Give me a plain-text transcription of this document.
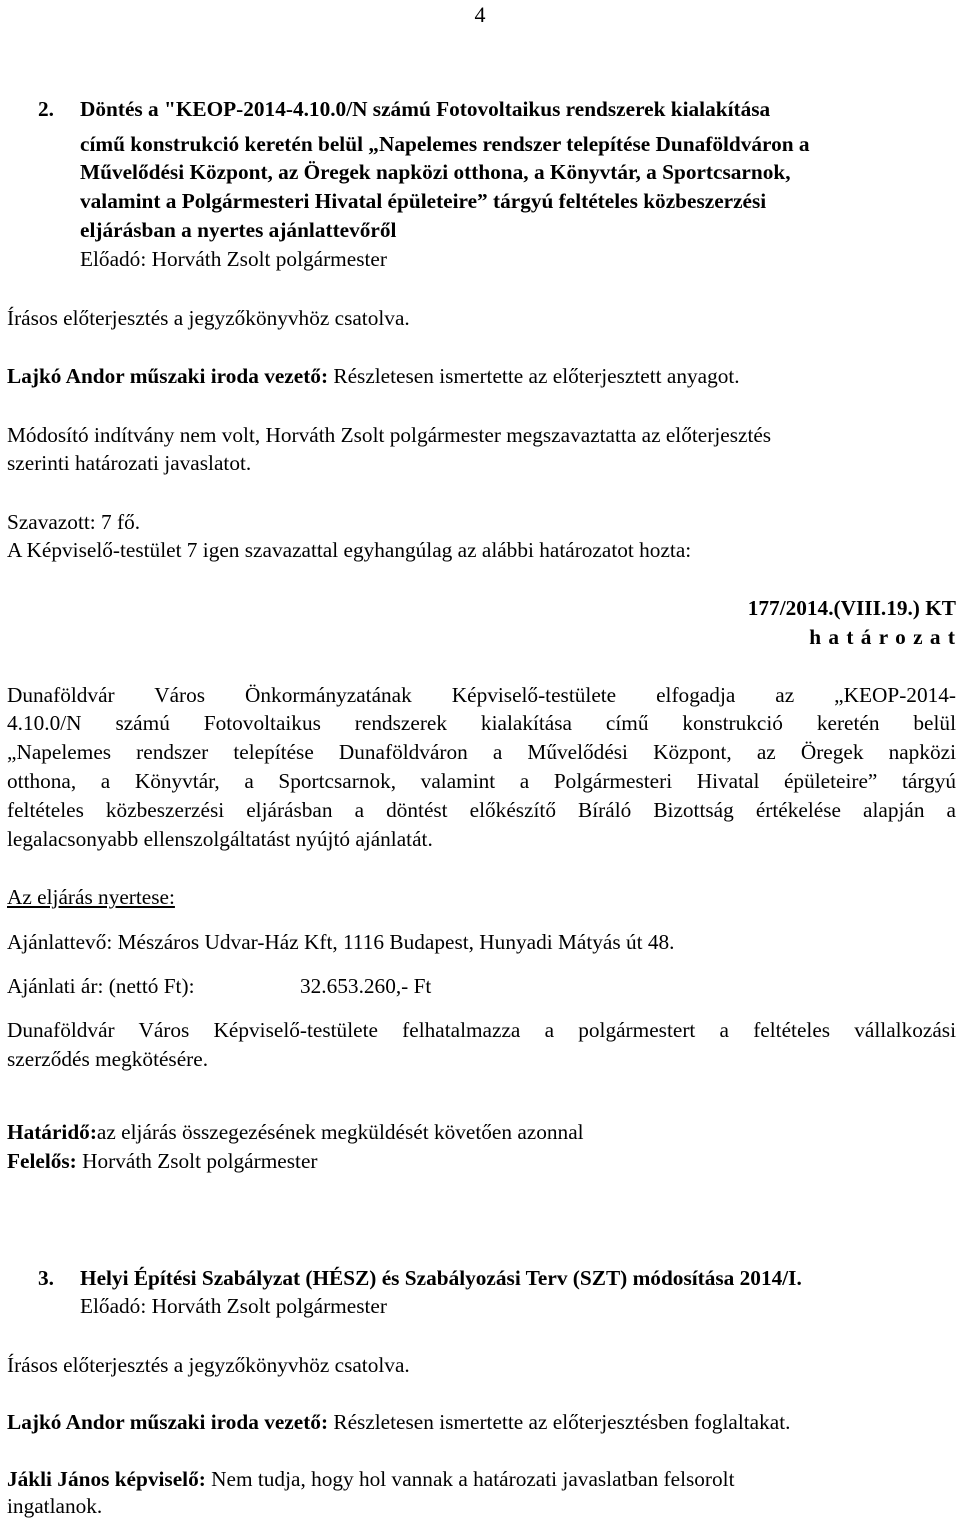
4
2. Döntés a "KEOP-2014-4.10.0/N számú Fotovoltaikus rendszerek kialakítása
című konstrukció keretén belül „Napelemes rendszer telepítése Dunaföldváron a
Művelődési Központ, az Öregek napközi otthona, a Könyvtár, a Sportcsarnok,
valamint a Polgármesteri Hivatal épületeire” tárgyú feltételes közbeszerzési
eljárásban a nyertes ajánlattevőről
Előadó: Horváth Zsolt polgármester
Írásos előterjesztés a jegyzőkönyvhöz csatolva.
Lajkó Andor műszaki iroda vezető: Részletesen ismertette az előterjesztett anyagot.
Módosító indítvány nem volt, Horváth Zsolt polgármester megszavaztatta az előterjesztés
szerinti határozati javaslatot.
Szavazott: 7 fő.
A Képviselő-testület 7 igen szavazattal egyhangúlag az alábbi határozatot hozta:
177/2014.(VIII.19.) KT
h a t á r o z a t
Dunaföldvár Város Önkormányzatának Képviselő-testülete elfogadja az „KEOP-2014-
4.10.0/N számú Fotovoltaikus rendszerek kialakítása című konstrukció keretén belül
„Napelemes rendszer telepítése Dunaföldváron a Művelődési Központ, az Öregek napközi
otthona, a Könyvtár, a Sportcsarnok, valamint a Polgármesteri Hivatal épületeire” tárgyú
feltételes közbeszerzési eljárásban a döntést előkészítő Bíráló Bizottság értékelése alapján a
legalacsonyabb ellenszolgáltatást nyújtó ajánlatát.
Az eljárás nyertese:
Ajánlattevő: Mészáros Udvar-Ház Kft, 1116 Budapest, Hunyadi Mátyás út 48.
Ajánlati ár: (nettó Ft):	32.653.260,- Ft
Dunaföldvár Város Képviselő-testülete felhatalmazza a polgármestert a feltételes vállalkozási
szerződés megkötésére.
Határidő:az eljárás összegezésének megküldését követően azonnal
Felelős: Horváth Zsolt polgármester
3. Helyi Építési Szabályzat (HÉSZ) és Szabályozási Terv (SZT) módosítása 2014/I.
Előadó: Horváth Zsolt polgármester
Írásos előterjesztés a jegyzőkönyvhöz csatolva.
Lajkó Andor műszaki iroda vezető: Részletesen ismertette az előterjesztésben foglaltakat.
Jákli János képviselő: Nem tudja, hogy hol vannak a határozati javaslatban felsorolt
ingatlanok.
